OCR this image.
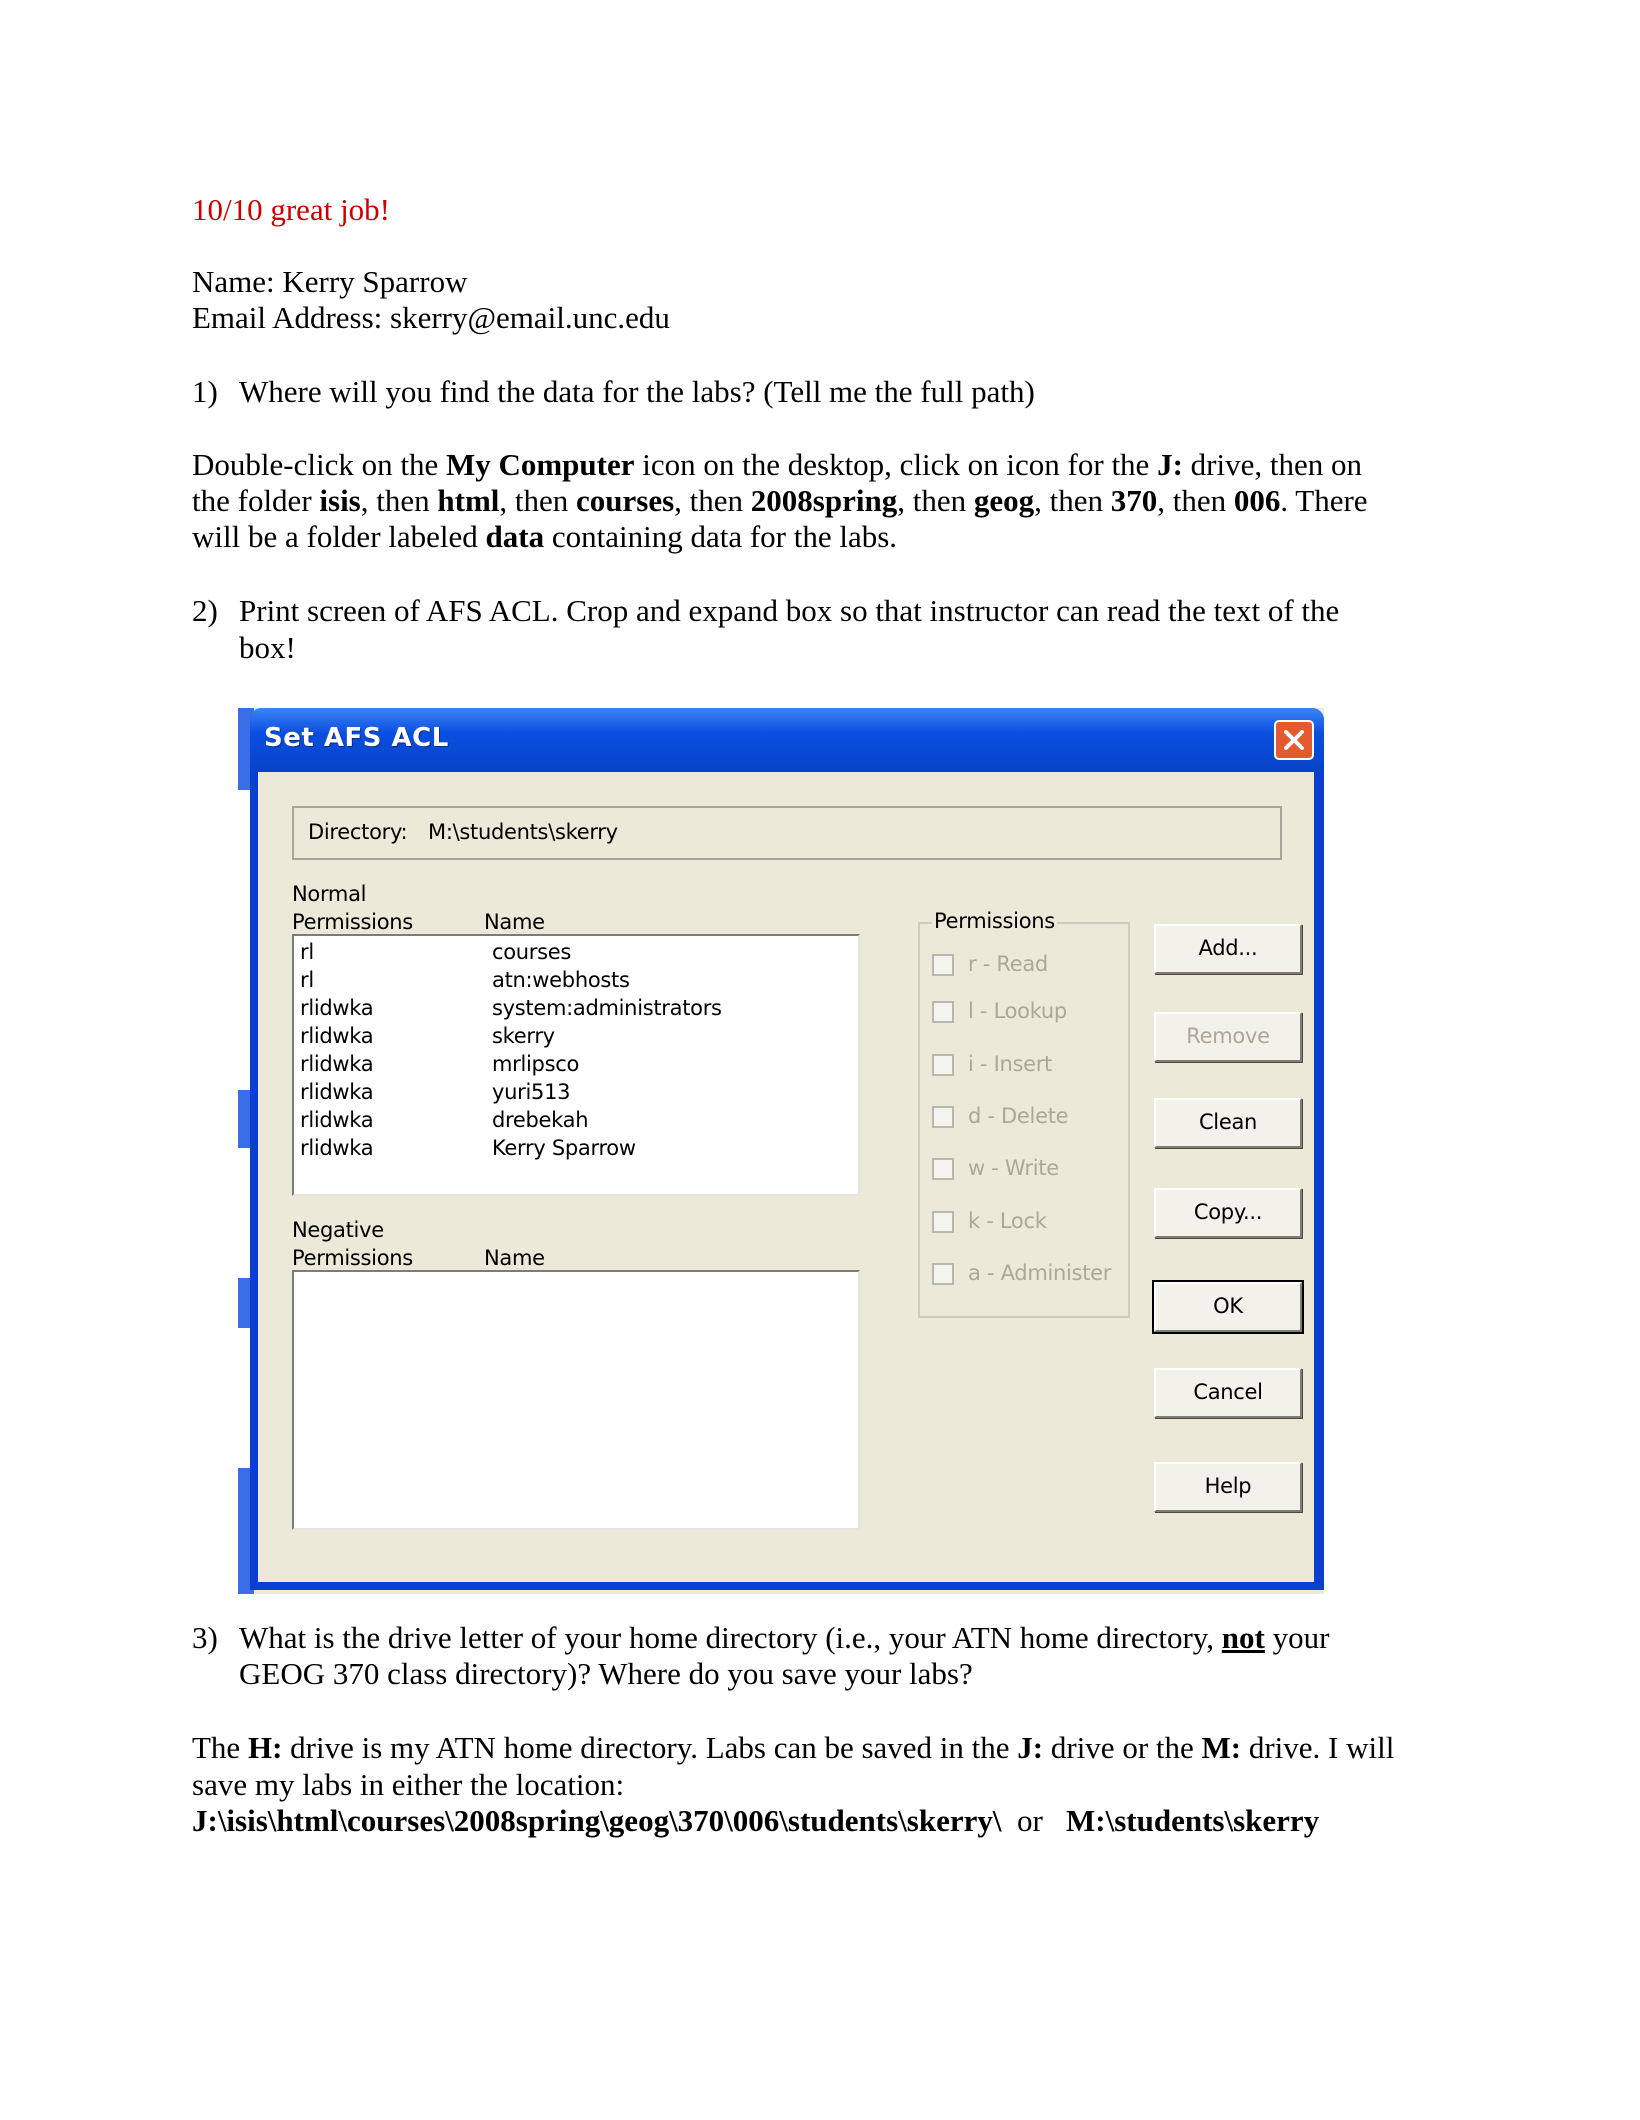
10/10 great job!
Name: Kerry Sparrow
Email Address: skerry@email.unc.edu
1) Where will you find the data for the labs? (Tell me the full path)
Double-click on the My Computer icon on the desktop, click on icon for the J: drive, then on
the folder isis, then html, then courses, then 2008spring, then geog, then 370, then 006. There
will be a folder labeled data containing data for the labs.
2) Print screen of AFS ACL. Crop and expand box so that instructor can read the text of the
box!
Set AFS ACL
Directory: M:\students\skerry
Normal
Permissions	Name
rl	courses
rl	atn:webhosts
rlidwka	system:administrators
rlidwka	skerry
rlidwka	mrlipsco
rlidwka	yuri513
rlidwka	drebekah
rlidwka	Kerry Sparrow
Negative
Permissions	Name
Permissions
r - Read
l - Lookup
i - Insert
d - Delete
w - Write
k - Lock
a - Administer
Add...
Remove
Clean
Copy...
OK
Cancel
Help
3) What is the drive letter of your home directory (i.e., your ATN home directory, not your
GEOG 370 class directory)? Where do you save your labs?
The H: drive is my ATN home directory. Labs can be saved in the J: drive or the M: drive. I will
save my labs in either the location:
J:\isis\html\courses\2008spring\geog\370\006\students\skerry\  or   M:\students\skerry
